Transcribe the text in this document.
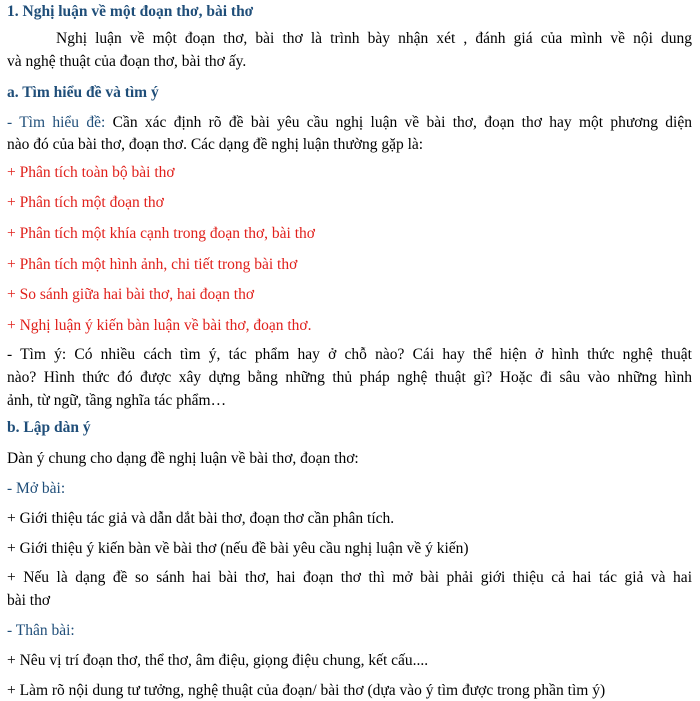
1. Nghị luận về một đoạn thơ, bài thơ
Nghị luận về một đoạn thơ, bài thơ là trình bày nhận xét , đánh giá của mình về nội dung
và nghệ thuật của đoạn thơ, bài thơ ấy.
a. Tìm hiểu đề và tìm ý
- Tìm hiểu đề: Cần xác định rõ đề bài yêu cầu nghị luận về bài thơ, đoạn thơ hay một phương diện
nào đó của bài thơ, đoạn thơ. Các dạng đề nghị luận thường gặp là:
+ Phân tích toàn bộ bài thơ
+ Phân tích một đoạn thơ
+ Phân tích một khía cạnh trong đoạn thơ, bài thơ
+ Phân tích một hình ảnh, chi tiết trong bài thơ
+ So sánh giữa hai bài thơ, hai đoạn thơ
+ Nghị luận ý kiến bàn luận về bài thơ, đoạn thơ.
- Tìm ý: Có nhiều cách tìm ý, tác phẩm hay ở chỗ nào? Cái hay thể hiện ở hình thức nghệ thuật
nào? Hình thức đó được xây dựng bằng những thủ pháp nghệ thuật gì? Hoặc đi sâu vào những hình
ảnh, từ ngữ, tầng nghĩa tác phẩm…
b. Lập dàn ý
Dàn ý chung cho dạng đề nghị luận về bài thơ, đoạn thơ:
- Mở bài:
+ Giới thiệu tác giả và dẫn dắt bài thơ, đoạn thơ cần phân tích.
+ Giới thiệu ý kiến bàn về bài thơ (nếu đề bài yêu cầu nghị luận về ý kiến)
+ Nếu là dạng đề so sánh hai bài thơ, hai đoạn thơ thì mở bài phải giới thiệu cả hai tác giả và hai
bài thơ
- Thân bài:
+ Nêu vị trí đoạn thơ, thể thơ, âm điệu, giọng điệu chung, kết cấu....
+ Làm rõ nội dung tư tưởng, nghệ thuật của đoạn/ bài thơ (dựa vào ý tìm được trong phần tìm ý)
